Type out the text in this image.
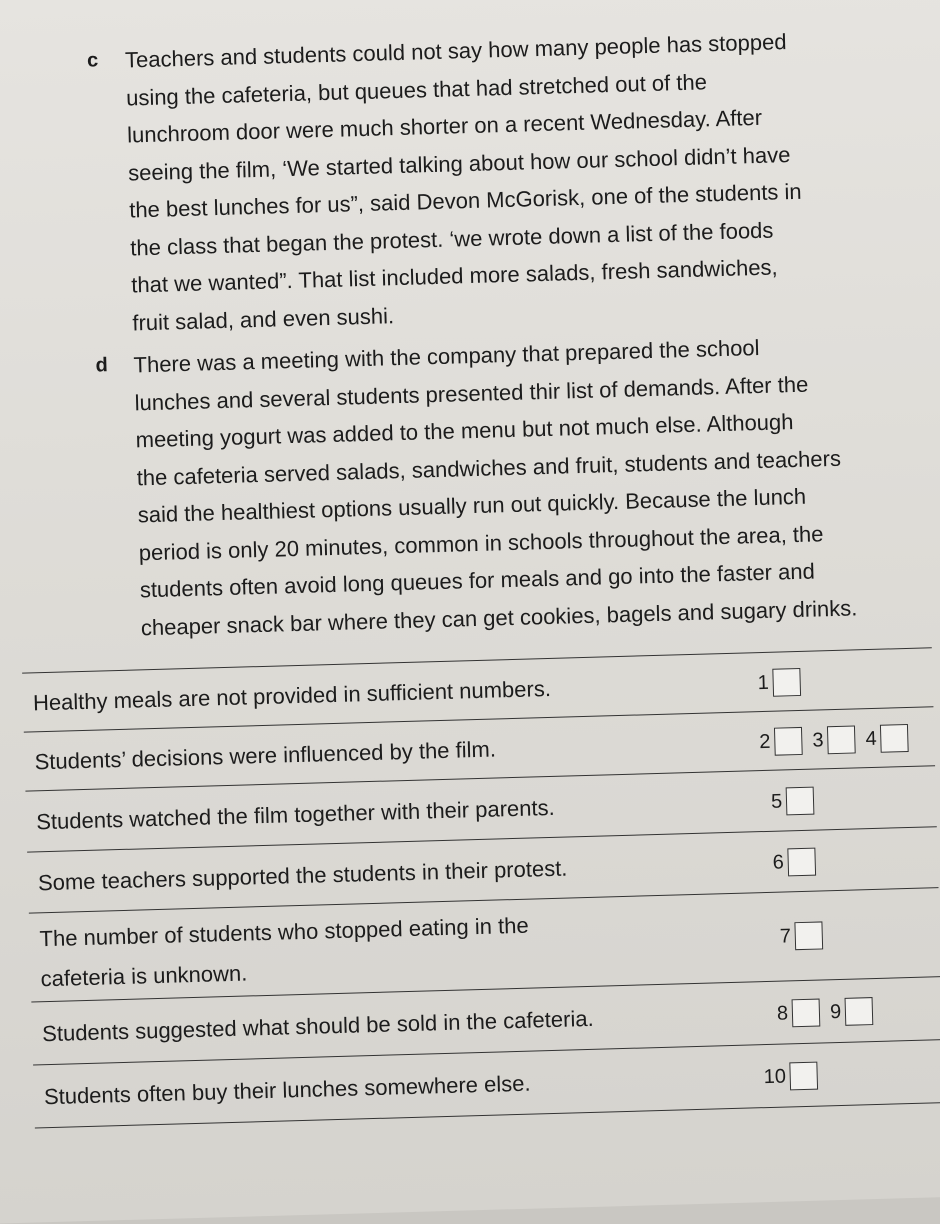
c Teachers and students could not say how many people has stopped
using the cafeteria, but queues that had stretched out of the
lunchroom door were much shorter on a recent Wednesday. After
seeing the film, ‘We started talking about how our school didn’t have
the best lunches for us”, said Devon McGorisk, one of the students in
the class that began the protest. ‘we wrote down a list of the foods
that we wanted”. That list included more salads, fresh sandwiches,
fruit salad, and even sushi.
d There was a meeting with the company that prepared the school
lunches and several students presented thir list of demands. After the
meeting yogurt was added to the menu but not much else. Although
the cafeteria served salads, sandwiches and fruit, students and teachers
said the healthiest options usually run out quickly. Because the lunch
period is only 20 minutes, common in schools throughout the area, the
students often avoid long queues for meals and go into the faster and
cheaper snack bar where they can get cookies, bagels and sugary drinks.
Healthy meals are not provided in sufficient numbers.	1
Students’ decisions were influenced by the film.	2 3 4
Students watched the film together with their parents.	5
Some teachers supported the students in their protest.	6
The number of students who stopped eating in the
cafeteria is unknown.
7
Students suggested what should be sold in the cafeteria.	8 9
Students often buy their lunches somewhere else.	10
